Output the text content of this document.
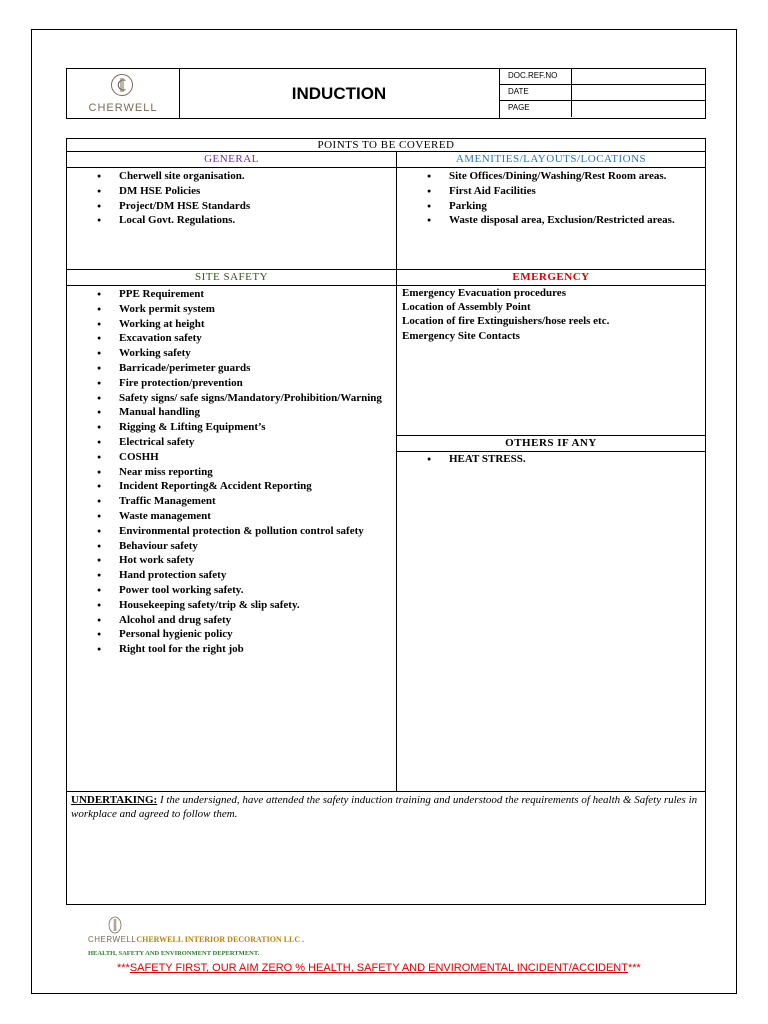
CHERWELL
INDUCTION
DOC.REF.NO
DATE
PAGE
POINTS TO BE COVERED
GENERAL	AMENITIES/LAYOUTS/LOCATIONS
● Cherwell site organisation.
● DM HSE Policies
● Project/DM HSE Standards
● Local Govt. Regulations.
● Site Offices/Dining/Washing/Rest Room areas.
● First Aid Facilities
● Parking
● Waste disposal area, Exclusion/Restricted areas.
SITE SAFETY	EMERGENCY
● PPE Requirement
● Work permit system
● Working at height
● Excavation safety
● Working safety
● Barricade/perimeter guards
● Fire protection/prevention
● Safety signs/ safe signs/Mandatory/Prohibition/Warning
● Manual handling
● Rigging & Lifting Equipment’s
● Electrical safety
● COSHH
● Near miss reporting
● Incident Reporting& Accident Reporting
● Traffic Management
● Waste management
● Environmental protection & pollution control safety
● Behaviour safety
● Hot work safety
● Hand protection safety
● Power tool working safety.
● Housekeeping safety/trip & slip safety.
● Alcohol and drug safety
● Personal hygienic policy
● Right tool for the right job
Emergency Evacuation procedures
Location of Assembly Point
Location of fire Extinguishers/hose reels etc.
Emergency Site Contacts
OTHERS IF ANY
● HEAT STRESS.
UNDERTAKING: I the undersigned, have attended the safety induction training and understood the requirements of health & Safety rules in workplace and agreed to follow them.
CHERWELLCHERWELL INTERIOR DECORATION LLC .
HEALTH, SAFETY AND ENVIRONMENT DEPERTMENT.
***SAFETY FIRST, OUR AIM ZERO % HEALTH, SAFETY AND ENVIROMENTAL INCIDENT/ACCIDENT***
